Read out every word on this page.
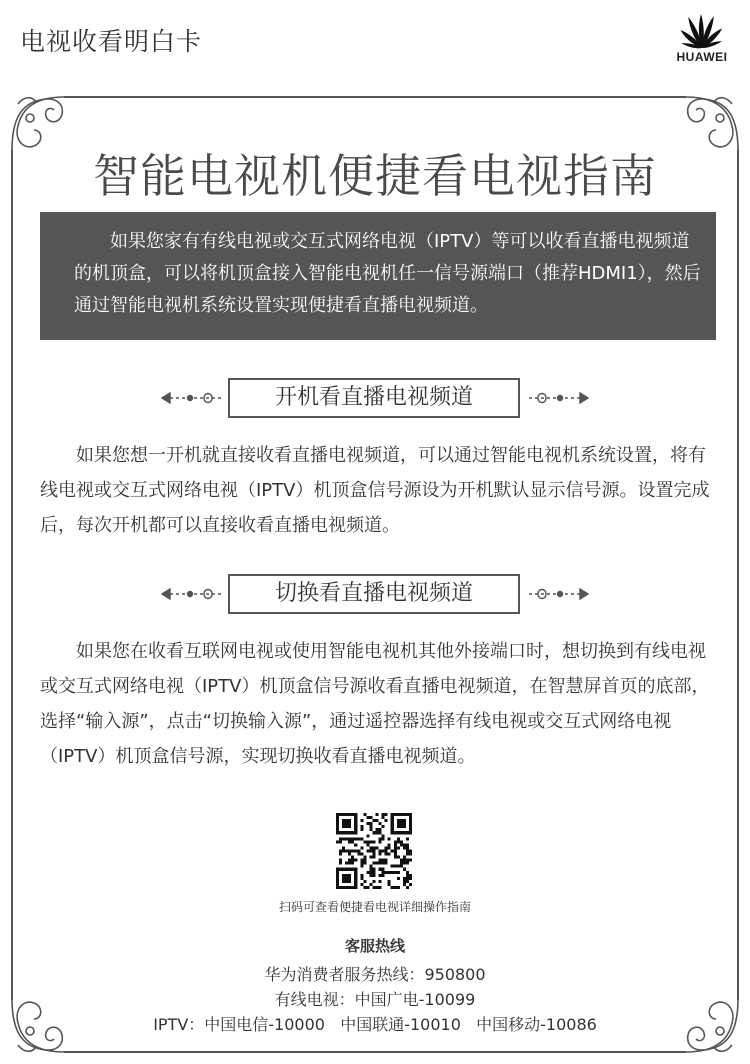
电视收看明白卡
HUAWEI
智能电视机便捷看电视指南

如果您家有有线电视或交互式网络电视（IPTV）等可以收看直播电视频道的机顶盒，可以将机顶盒接入智能电视机任一信号源端口（推荐HDMI1），然后通过智能电视机系统设置实现便捷看直播电视频道。

开机看直播电视频道

如果您想一开机就直接收看直播电视频道，可以通过智能电视机系统设置，将有线电视或交互式网络电视（IPTV）机顶盒信号源设为开机默认显示信号源。设置完成后，每次开机都可以直接收看直播电视频道。

切换看直播电视频道

如果您在收看互联网电视或使用智能电视机其他外接端口时，想切换到有线电视或交互式网络电视（IPTV）机顶盒信号源收看直播电视频道，在智慧屏首页的底部，选择“输入源”，点击“切换输入源”，通过遥控器选择有线电视或交互式网络电视（IPTV）机顶盒信号源，实现切换收看直播电视频道。

扫码可查看便捷看电视详细操作指南
客服热线
华为消费者服务热线：950800
有线电视：中国广电-10099
IPTV：中国电信-10000   中国联通-10010   中国移动-10086
